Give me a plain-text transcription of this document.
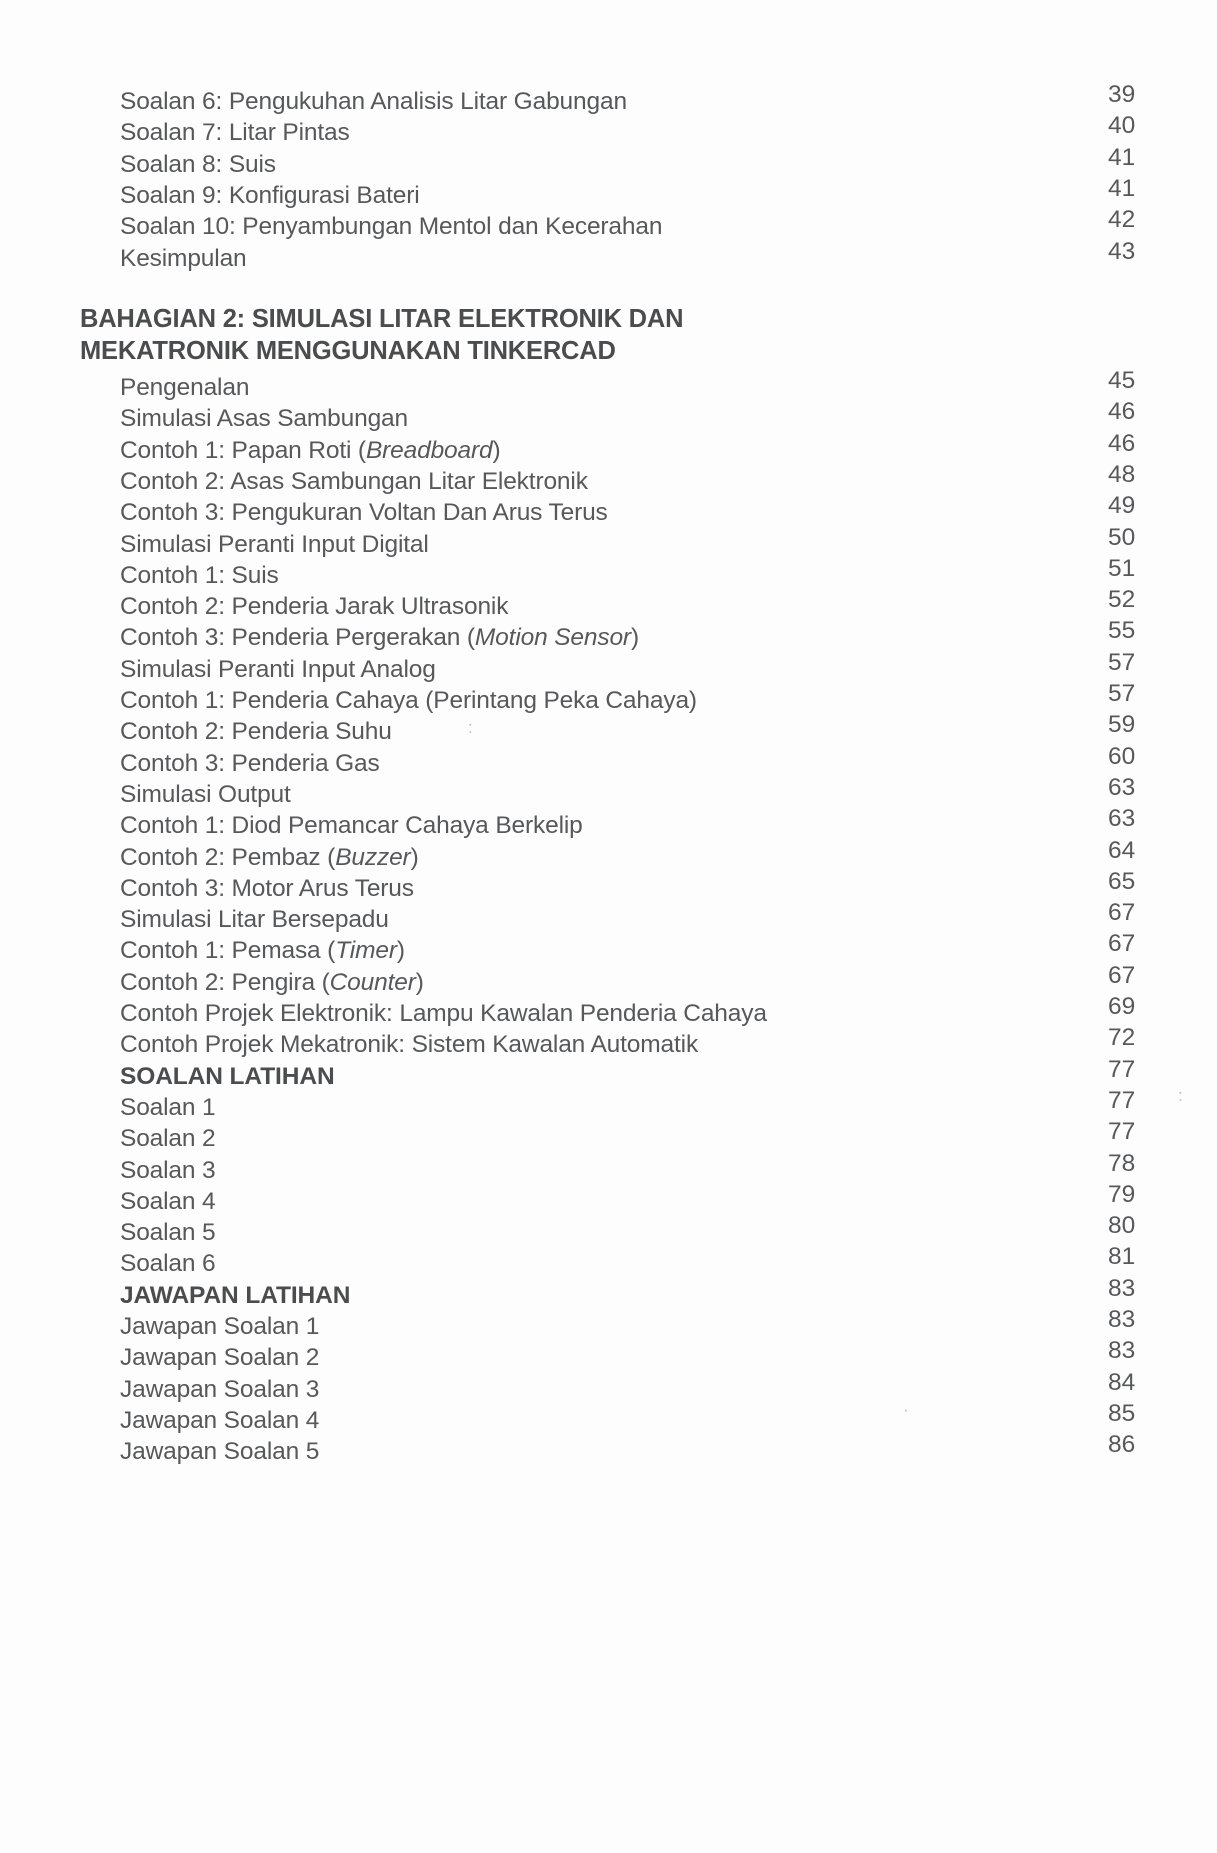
Soalan 6: Pengukuhan Analisis Litar Gabungan	39
Soalan 7: Litar Pintas	40
Soalan 8: Suis	41
Soalan 9: Konfigurasi Bateri	41
Soalan 10: Penyambungan Mentol dan Kecerahan	42
Kesimpulan	43
BAHAGIAN 2: SIMULASI LITAR ELEKTRONIK DAN
MEKATRONIK MENGGUNAKAN TINKERCAD
Pengenalan	45
Simulasi Asas Sambungan	46
Contoh 1: Papan Roti (Breadboard)	46
Contoh 2: Asas Sambungan Litar Elektronik	48
Contoh 3: Pengukuran Voltan Dan Arus Terus	49
Simulasi Peranti Input Digital	50
Contoh 1: Suis	51
Contoh 2: Penderia Jarak Ultrasonik	52
Contoh 3: Penderia Pergerakan (Motion Sensor)	55
Simulasi Peranti Input Analog	57
Contoh 1: Penderia Cahaya (Perintang Peka Cahaya)	57
Contoh 2: Penderia Suhu	59
Contoh 3: Penderia Gas	60
Simulasi Output	63
Contoh 1: Diod Pemancar Cahaya Berkelip	63
Contoh 2: Pembaz (Buzzer)	64
Contoh 3: Motor Arus Terus	65
Simulasi Litar Bersepadu	67
Contoh 1: Pemasa (Timer)	67
Contoh 2: Pengira (Counter)	67
Contoh Projek Elektronik: Lampu Kawalan Penderia Cahaya	69
Contoh Projek Mekatronik: Sistem Kawalan Automatik	72
SOALAN LATIHAN	77
Soalan 1	77
Soalan 2	77
Soalan 3	78
Soalan 4	79
Soalan 5	80
Soalan 6	81
JAWAPAN LATIHAN	83
Jawapan Soalan 1	83
Jawapan Soalan 2	83
Jawapan Soalan 3	84
Jawapan Soalan 4	85
Jawapan Soalan 5	86
:
·
:
